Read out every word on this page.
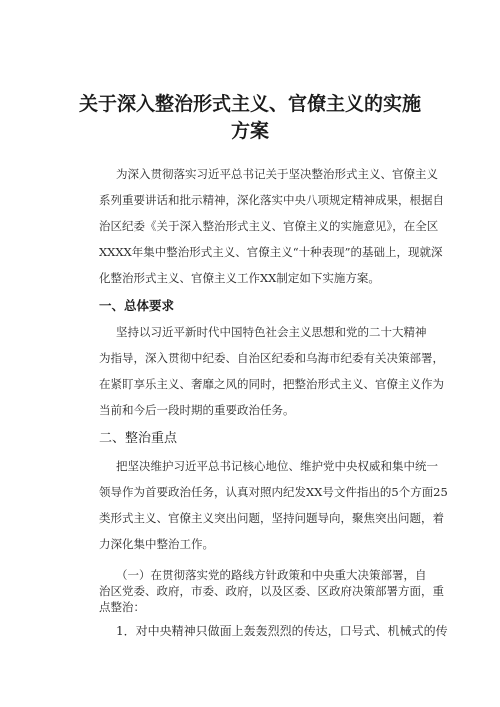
关于深入整治形式主义、官僚主义的实施
方案
为深入贯彻落实习近平总书记关于坚决整治形式主义、官僚主义
系列重要讲话和批示精神，深化落实中央八项规定精神成果，根据自
治区纪委《关于深入整治形式主义、官僚主义的实施意见》，在全区
XXXX年集中整治形式主义、官僚主义“十种表现”的基础上，现就深
化整治形式主义、官僚主义工作XX制定如下实施方案。
一、总体要求
坚持以习近平新时代中国特色社会主义思想和党的二十大精神
为指导，深入贯彻中纪委、自治区纪委和乌海市纪委有关决策部署，
在紧盯享乐主义、奢靡之风的同时，把整治形式主义、官僚主义作为
当前和今后一段时期的重要政治任务。
二、整治重点
把坚决维护习近平总书记核心地位、维护党中央权威和集中统一
领导作为首要政治任务，认真对照内纪发XX号文件指出的5个方面25
类形式主义、官僚主义突出问题，坚持问题导向，聚焦突出问题，着
力深化集中整治工作。
（一）在贯彻落实党的路线方针政策和中央重大决策部署，自
治区党委、政府，市委、政府，以及区委、区政府决策部署方面，重
点整治：
1．对中央精神只做面上轰轰烈烈的传达，口号式、机械式的传
